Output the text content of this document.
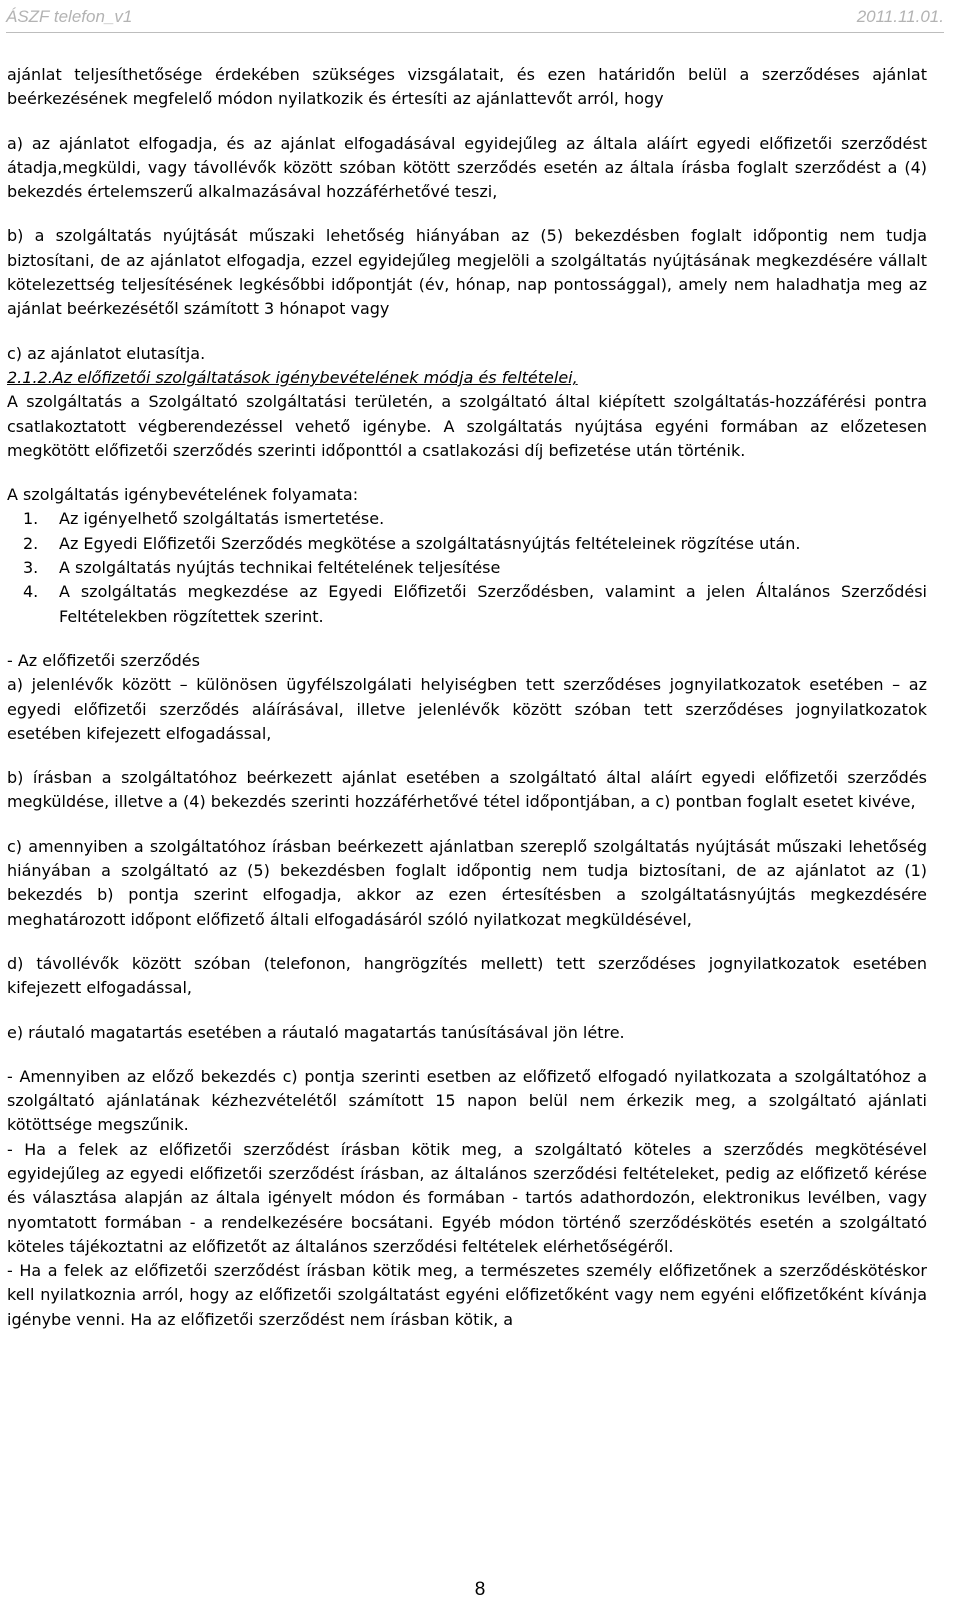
ÁSZF telefon_v1	2011.11.01.

ajánlat teljesíthetősége érdekében szükséges vizsgálatait, és ezen határidőn belül a szerződéses ajánlat beérkezésének megfelelő módon nyilatkozik és értesíti az ajánlattevőt arról, hogy

a) az ajánlatot elfogadja, és az ajánlat elfogadásával egyidejűleg az általa aláírt egyedi előfizetői szerződést átadja,megküldi, vagy távollévők között szóban kötött szerződés esetén az általa írásba foglalt szerződést a (4) bekezdés értelemszerű alkalmazásával hozzáférhetővé teszi,

b) a szolgáltatás nyújtását műszaki lehetőség hiányában az (5) bekezdésben foglalt időpontig nem tudja biztosítani, de az ajánlatot elfogadja, ezzel egyidejűleg megjelöli a szolgáltatás nyújtásának megkezdésére vállalt kötelezettség teljesítésének legkésőbbi időpontját (év, hónap, nap pontossággal), amely nem haladhatja meg az ajánlat beérkezésétől számított 3 hónapot vagy

c) az ajánlatot elutasítja.

2.1.2.Az előfizetői szolgáltatások igénybevételének módja és feltételei,

A szolgáltatás a Szolgáltató szolgáltatási területén, a szolgáltató által kiépített szolgáltatás-hozzáférési pontra csatlakoztatott végberendezéssel vehető igénybe. A szolgáltatás nyújtása egyéni formában az előzetesen megkötött előfizetői szerződés szerinti időponttól a csatlakozási díj befizetése után történik.

A szolgáltatás igénybevételének folyamata:

1. Az igényelhető szolgáltatás ismertetése.
2. Az Egyedi Előfizetői Szerződés megkötése a szolgáltatásnyújtás feltételeinek rögzítése után.
3. A szolgáltatás nyújtás technikai feltételének teljesítése
4. A szolgáltatás megkezdése az Egyedi Előfizetői Szerződésben, valamint a jelen Általános Szerződési Feltételekben rögzítettek szerint.

- Az előfizetői szerződés

a) jelenlévők között – különösen ügyfélszolgálati helyiségben tett szerződéses jognyilatkozatok esetében – az egyedi előfizetői szerződés aláírásával, illetve jelenlévők között szóban tett szerződéses jognyilatkozatok esetében kifejezett elfogadással,

b) írásban a szolgáltatóhoz beérkezett ajánlat esetében a szolgáltató által aláírt egyedi előfizetői szerződés megküldése, illetve a (4) bekezdés szerinti hozzáférhetővé tétel időpontjában, a c) pontban foglalt esetet kivéve,

c) amennyiben a szolgáltatóhoz írásban beérkezett ajánlatban szereplő szolgáltatás nyújtását műszaki lehetőség hiányában a szolgáltató az (5) bekezdésben foglalt időpontig nem tudja biztosítani, de az ajánlatot az (1) bekezdés b) pontja szerint elfogadja, akkor az ezen értesítésben a szolgáltatásnyújtás megkezdésére meghatározott időpont előfizető általi elfogadásáról szóló nyilatkozat megküldésével,

d) távollévők között szóban (telefonon, hangrögzítés mellett) tett szerződéses jognyilatkozatok esetében kifejezett elfogadással,

e) ráutaló magatartás esetében a ráutaló magatartás tanúsításával jön létre.

- Amennyiben az előző bekezdés c) pontja szerinti esetben az előfizető elfogadó nyilatkozata a szolgáltatóhoz a szolgáltató ajánlatának kézhezvételétől számított 15 napon belül nem érkezik meg, a szolgáltató ajánlati kötöttsége megszűnik.

- Ha a felek az előfizetői szerződést írásban kötik meg, a szolgáltató köteles a szerződés megkötésével egyidejűleg az egyedi előfizetői szerződést írásban, az általános szerződési feltételeket, pedig az előfizető kérése és választása alapján az általa igényelt módon és formában - tartós adathordozón, elektronikus levélben, vagy nyomtatott formában - a rendelkezésére bocsátani. Egyéb módon történő szerződéskötés esetén a szolgáltató köteles tájékoztatni az előfizetőt az általános szerződési feltételek elérhetőségéről.

- Ha a felek az előfizetői szerződést írásban kötik meg, a természetes személy előfizetőnek a szerződéskötéskor kell nyilatkoznia arról, hogy az előfizetői szolgáltatást egyéni előfizetőként vagy nem egyéni előfizetőként kívánja igénybe venni. Ha az előfizetői szerződést nem írásban kötik, a

8
